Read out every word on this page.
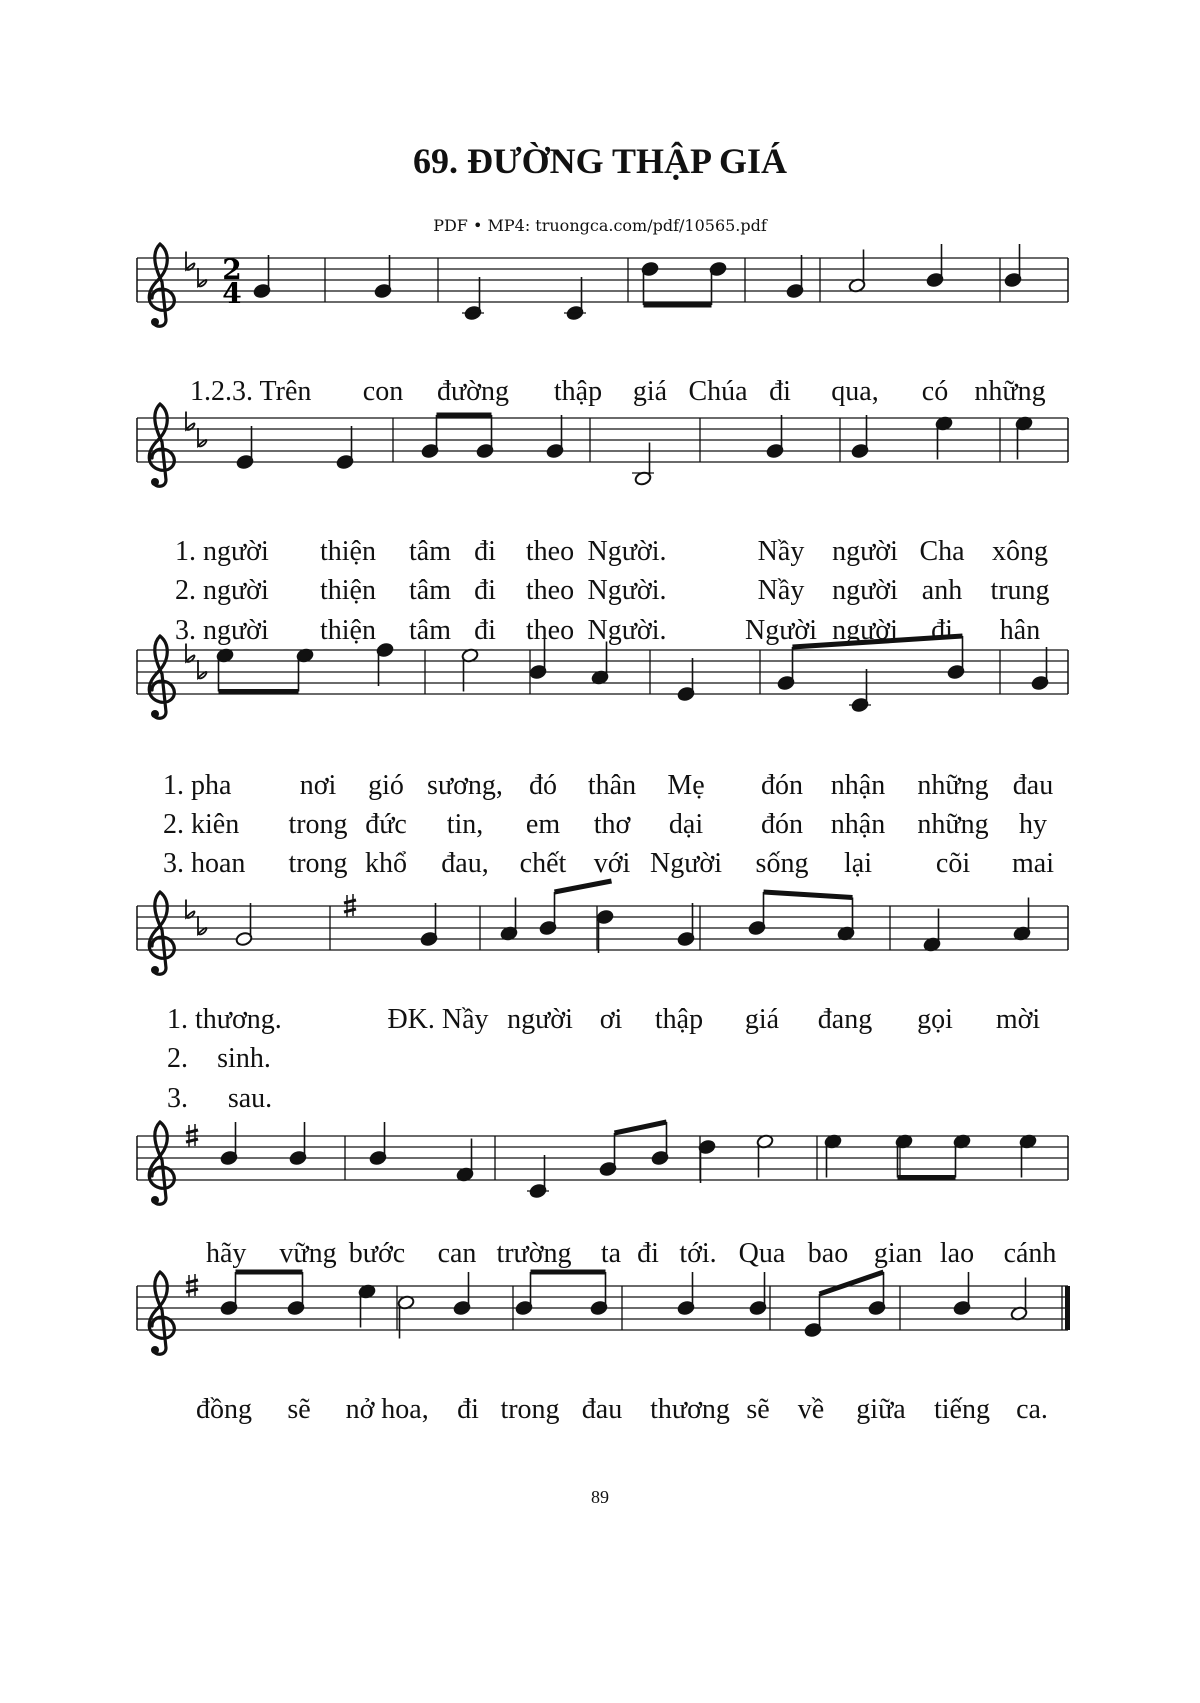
69. ĐƯỜNG THẬP GIÁ
PDF • MP4: truongca.com/pdf/10565.pdf
2
4
1.2.3. Trên con đường thập giá Chúa đi qua, có những
1. người thiện tâm đi theo Người.	Nầy người Cha xông
2. người thiện tâm đi theo Người.	Nầy người anh trung
3. người thiện tâm đi theo Người.	Người người đi hân
1. pha nơi gió sương, đó thân Mẹ đón nhận những đau
2. kiên trong đức tin, em thơ dại đón nhận những hy
3. hoan trong khổ đau, chết với Người sống lại cõi mai
1. thương.	ĐK. Nầy người ơi thập giá đang gọi mời
2. sinh.
3. sau.
hãy vững bước can trường ta đi tới. Qua bao gian lao cánh
đồng sẽ nở hoa, đi trong đau thương sẽ về giữa tiếng ca.
89
